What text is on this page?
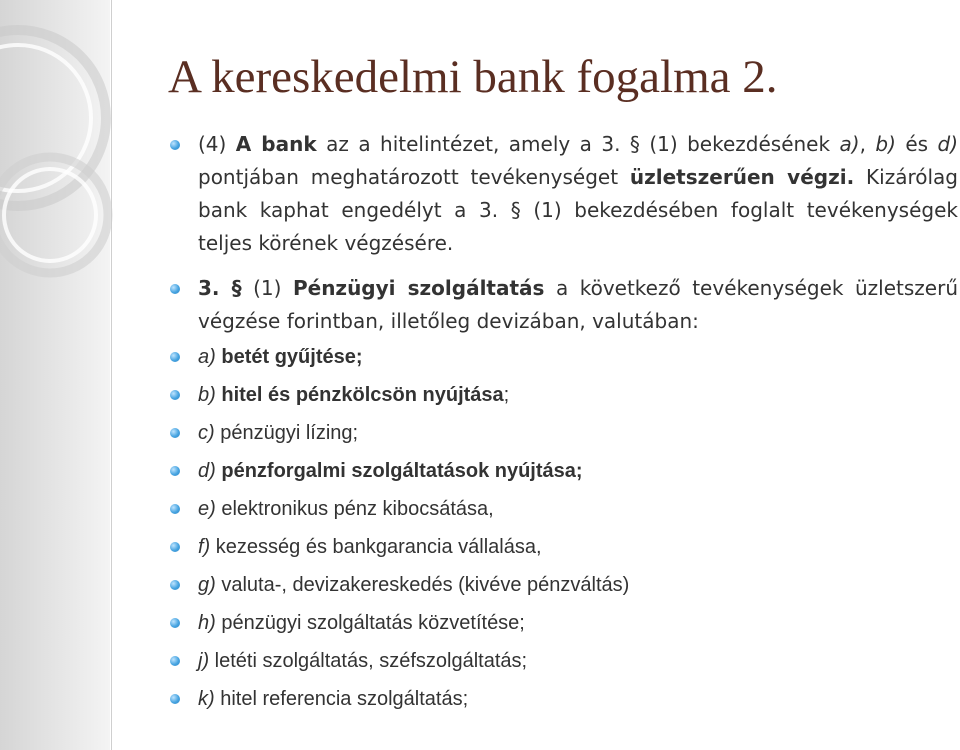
A kereskedelmi bank fogalma 2.
(4) A bank az a hitelintézet, amely a 3. § (1) bekezdésének a), b) és d) pontjában meghatározott tevékenységet üzletszerűen végzi. Kizárólag bank kaphat engedélyt a 3. § (1) bekezdésében foglalt tevékenységek teljes körének végzésére.
3. § (1) Pénzügyi szolgáltatás a következő tevékenységek üzletszerű végzése forintban, illetőleg devizában, valutában:
a) betét gyűjtése;
b) hitel és pénzkölcsön nyújtása;
c) pénzügyi lízing;
d) pénzforgalmi szolgáltatások nyújtása;
e) elektronikus pénz kibocsátása,
f) kezesség és bankgarancia vállalása,
g) valuta-, devizakereskedés (kivéve pénzváltás)
h) pénzügyi szolgáltatás közvetítése;
j) letéti szolgáltatás, széfszolgáltatás;
k) hitel referencia szolgáltatás;
